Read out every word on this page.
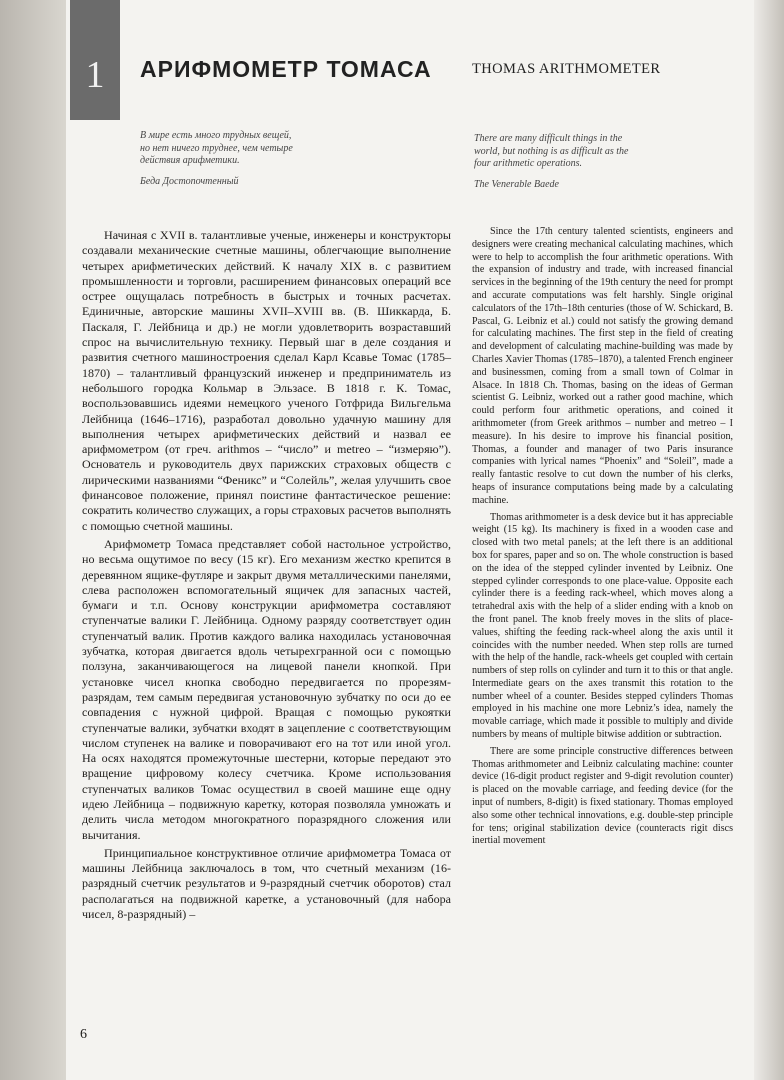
1	АРИФМОМЕТР ТОМАСА	THOMAS ARITHMOMETER
В мире есть много трудных вещей,
но нет ничего труднее, чем четыре
действия арифметики.
Беда Достопочтенный
There are many difficult things in the
world, but nothing is as difficult as the
four arithmetic operations.
The Venerable Baede

Начиная с XVII в. талантливые ученые, инженеры и конструкторы создавали механические счетные машины, облегчающие выполнение четырех арифметических действий. К началу XIX в. с развитием промышленности и торговли, расширением финансовых операций все острее ощущалась потребность в быстрых и точных расчетах. Единичные, авторские машины XVII–XVIII вв. (В. Шиккарда, Б. Паскаля, Г. Лейбница и др.) не могли удовлетворить возраставший спрос на вычислительную технику. Первый шаг в деле создания и развития счетного машиностроения сделал Карл Ксавье Томас (1785–1870) – талантливый французский инженер и предприниматель из небольшого городка Кольмар в Эльзасе. В 1818 г. К. Томас, воспользовавшись идеями немецкого ученого Готфрида Вильгельма Лейбница (1646–1716), разработал довольно удачную машину для выполнения четырех арифметических действий и назвал ее арифмометром (от греч. arithmos – “число” и metreo – “измеряю”). Основатель и руководитель двух парижских страховых обществ с лирическими названиями “Феникс” и “Солейль”, желая улучшить свое финансовое положение, принял поистине фантастическое решение: сократить количество служащих, а горы страховых расчетов выполнять с помощью счетной машины.

Арифмометр Томаса представляет собой настольное устройство, но весьма ощутимое по весу (15 кг). Его механизм жестко крепится в деревянном ящике-футляре и закрыт двумя металлическими панелями, слева расположен вспомогательный ящичек для запасных частей, бумаги и т.п. Основу конструкции арифмометра составляют ступенчатые валики Г. Лейбница. Одному разряду соответствует один ступенчатый валик. Против каждого валика находилась установочная зубчатка, которая двигается вдоль четырехгранной оси с помощью ползуна, заканчивающегося на лицевой панели кнопкой. При установке чисел кнопка свободно передвигается по прорезям-разрядам, тем самым передвигая установочную зубчатку по оси до ее совпадения с нужной цифрой. Вращая с помощью рукоятки ступенчатые валики, зубчатки входят в зацепление с соответствующим числом ступенек на валике и поворачивают его на тот или иной угол. На осях находятся промежуточные шестерни, которые передают это вращение цифровому колесу счетчика. Кроме использования ступенчатых валиков Томас осуществил в своей машине еще одну идею Лейбница – подвижную каретку, которая позволяла умножать и делить числа методом многократного поразрядного сложения или вычитания.

Принципиальное конструктивное отличие арифмометра Томаса от машины Лейбница заключалось в том, что счетный механизм (16-разрядный счетчик результатов и 9-разрядный счетчик оборотов) стал располагаться на подвижной каретке, а установочный (для набора чисел, 8-разрядный) –

Since the 17th century talented scientists, engineers and designers were creating mechanical calculating machines, which were to help to accomplish the four arithmetic operations. With the expansion of industry and trade, with increased financial services in the beginning of the 19th century the need for prompt and accurate computations was felt harshly. Single original calculators of the 17th–18th centuries (those of W. Schickard, B. Pascal, G. Leibniz et al.) could not satisfy the growing demand for calculating machines. The first step in the field of creating and development of calculating machine-building was made by Charles Xavier Thomas (1785–1870), a talented French engineer and businessmen, coming from a small town of Colmar in Alsace. In 1818 Ch. Thomas, basing on the ideas of German scientist G. Leibniz, worked out a rather good machine, which could perform four arithmetic operations, and coined it arithmometer (from Greek arithmos – number and metreo – I measure). In his desire to improve his financial position, Thomas, a founder and manager of two Paris insurance companies with lyrical names “Phoenix” and “Soleil”, made a really fantastic resolve to cut down the number of his clerks, heaps of insurance computations being made by a calculating machine.

Thomas arithmometer is a desk device but it has appreciable weight (15 kg). Its machinery is fixed in a wooden case and closed with two metal panels; at the left there is an additional box for spares, paper and so on. The whole construction is based on the idea of the stepped cylinder invented by Leibniz. One stepped cylinder corresponds to one place-value. Opposite each cylinder there is a feeding rack-wheel, which moves along a tetrahedral axis with the help of a slider ending with a knob on the front panel. The knob freely moves in the slits of place-values, shifting the feeding rack-wheel along the axis until it coincides with the number needed. When step rolls are turned with the help of the handle, rack-wheels get coupled with certain numbers of step rolls on cylinder and turn it to this or that angle. Intermediate gears on the axes transmit this rotation to the number wheel of a counter. Besides stepped cylinders Thomas employed in his machine one more Lebniz’s idea, namely the movable carriage, which made it possible to multiply and divide numbers by means of multiple bitwise addition or subtraction.

There are some principle constructive differences between Thomas arithmometer and Leibniz calculating machine: counter device (16-digit product register and 9-digit revolution counter) is placed on the movable carriage, and feeding device (for the input of numbers, 8-digit) is fixed stationary. Thomas employed also some other technical innovations, e.g. double-step principle for tens; original stabilization device (counteracts rigit discs inertial movement

6
